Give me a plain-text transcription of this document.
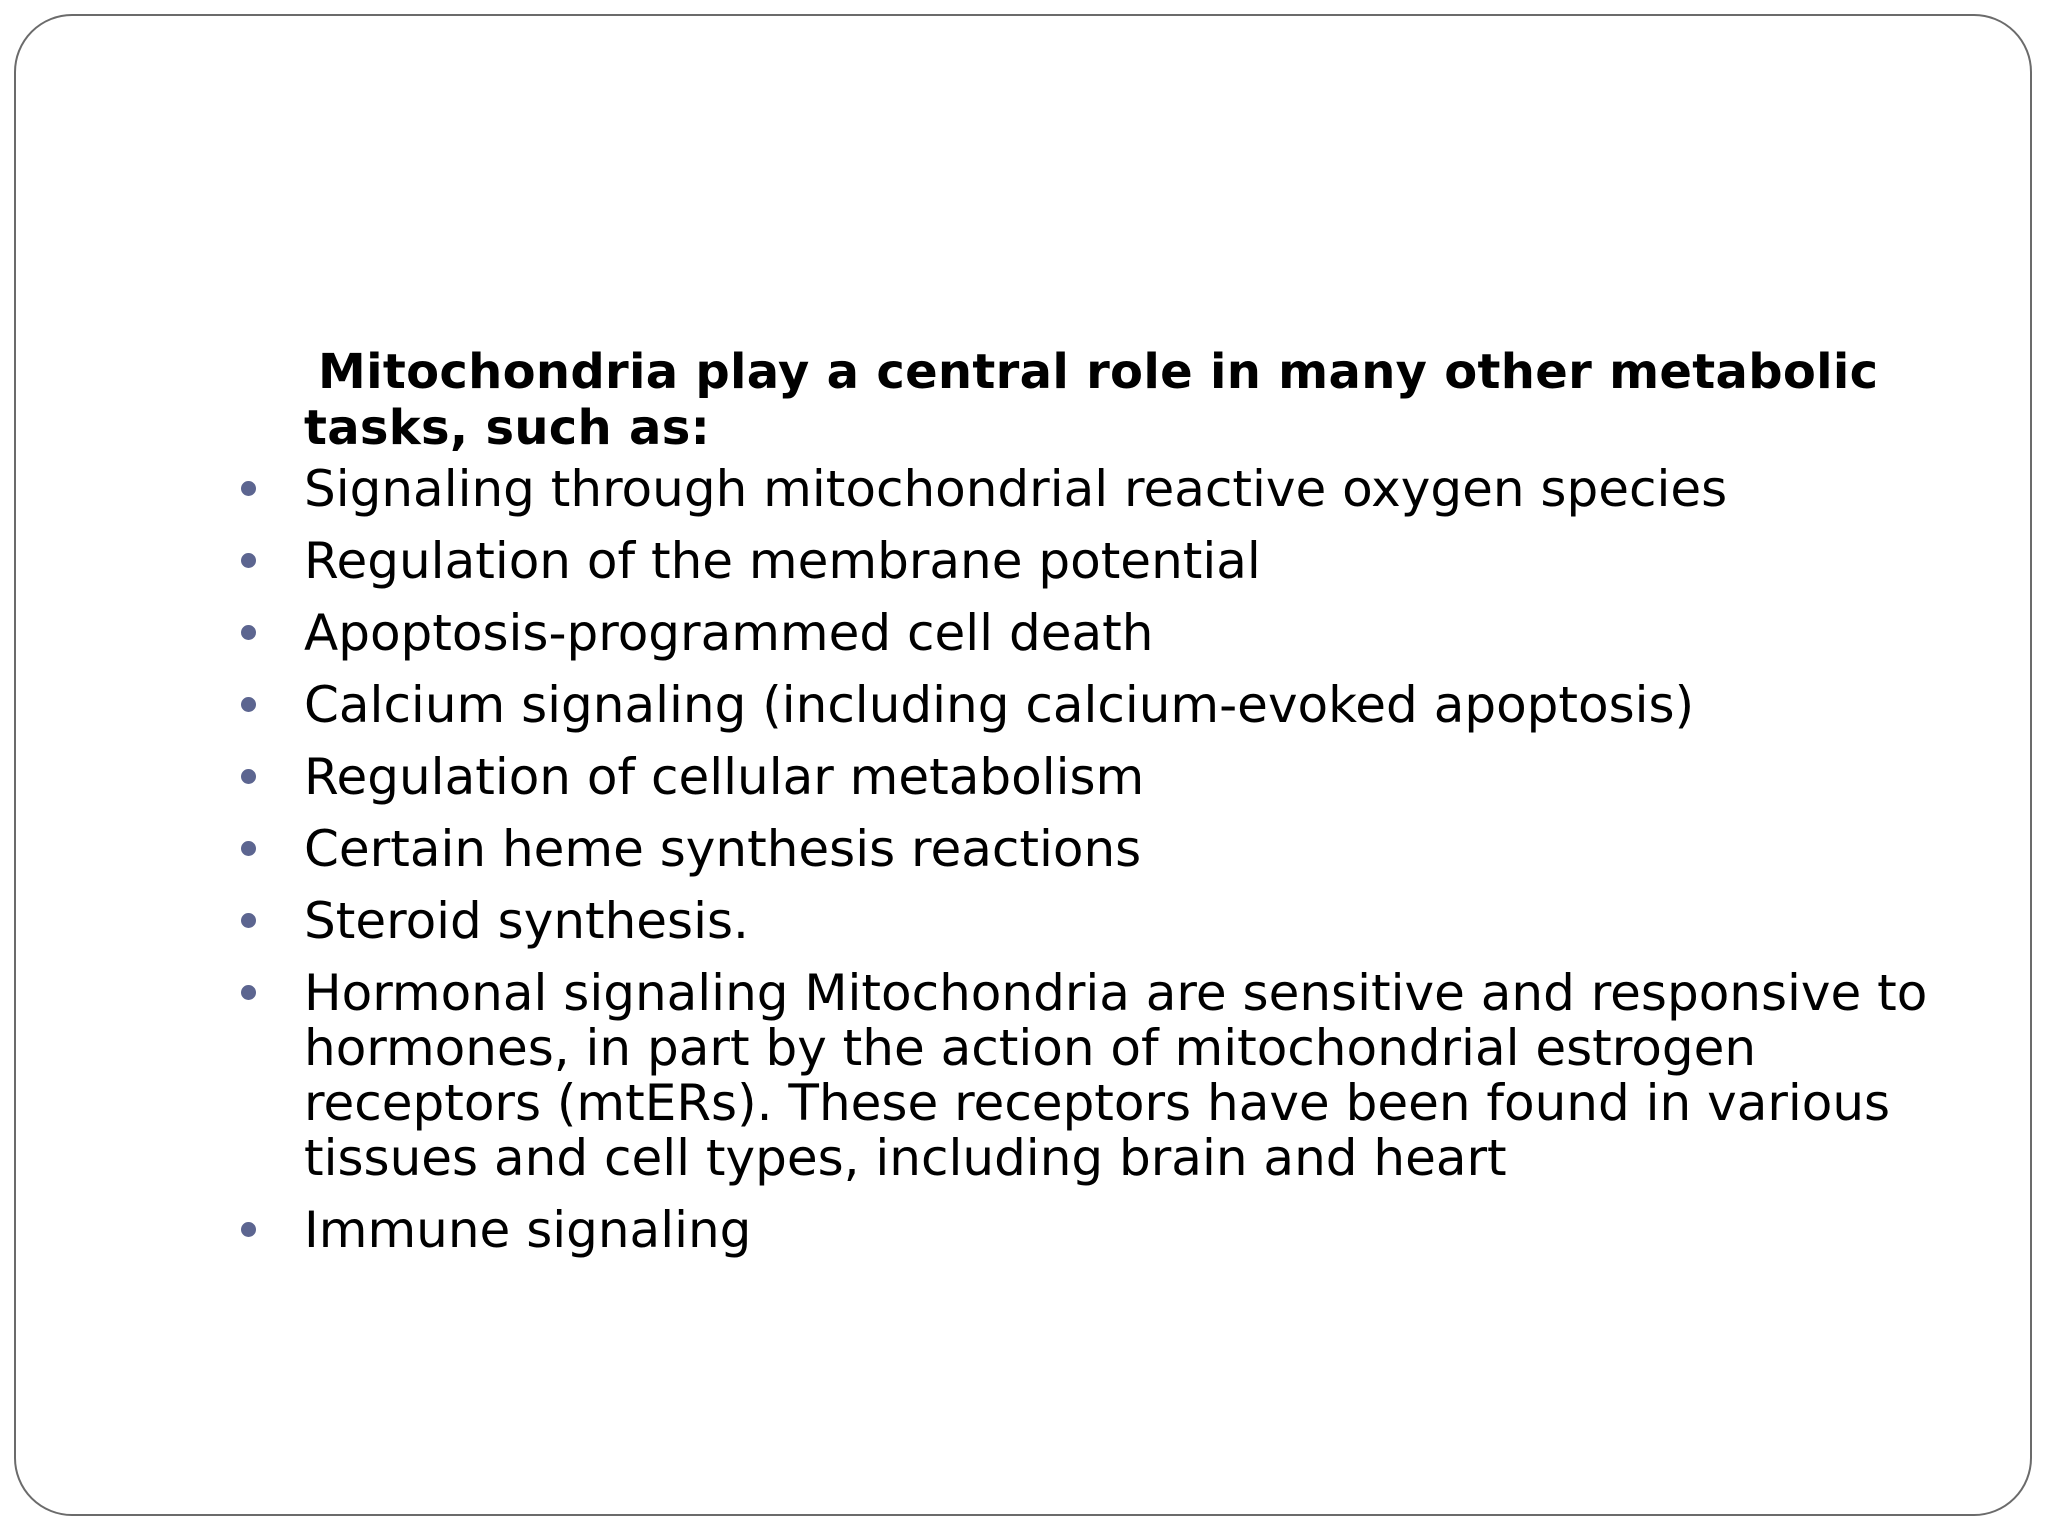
Mitochondria play a central role in many other metabolic tasks, such as:

Signaling through mitochondrial reactive oxygen species
Regulation of the membrane potential
Apoptosis-programmed cell death
Calcium signaling (including calcium-evoked apoptosis)
Regulation of cellular metabolism
Certain heme synthesis reactions
Steroid synthesis.
Hormonal signaling Mitochondria are sensitive and responsive to hormones, in part by the action of mitochondrial estrogen receptors (mtERs). These receptors have been found in various tissues and cell types, including brain and heart
Immune signaling
